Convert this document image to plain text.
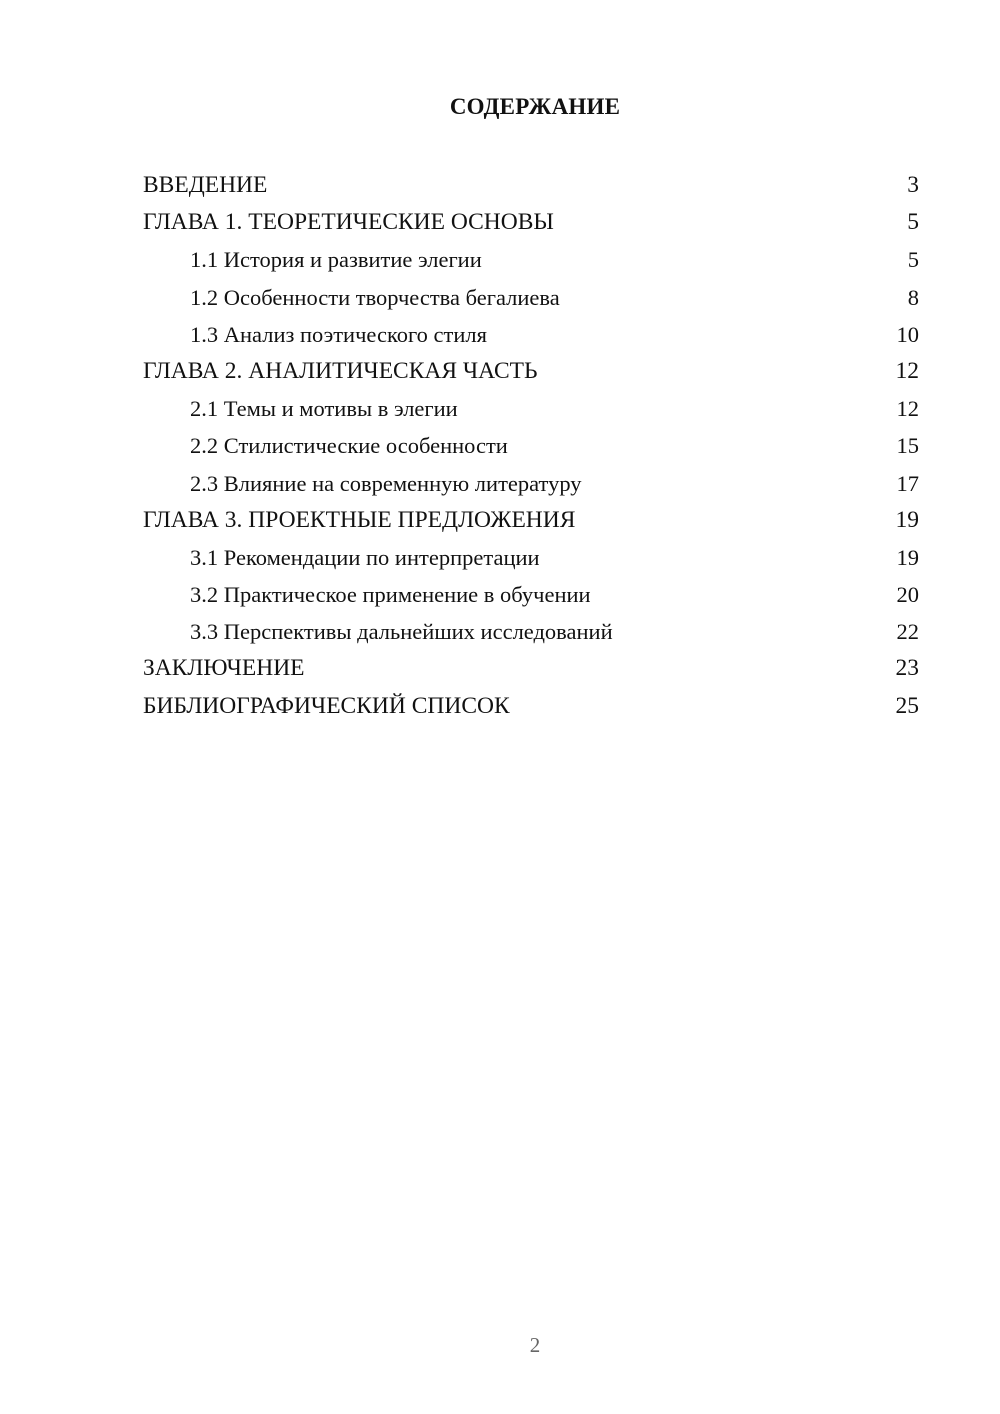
СОДЕРЖАНИЕ
ВВЕДЕНИЕ	3
ГЛАВА 1. ТЕОРЕТИЧЕСКИЕ ОСНОВЫ	5
1.1 История и развитие элегии	5
1.2 Особенности творчества бегалиева	8
1.3 Анализ поэтического стиля	10
ГЛАВА 2. АНАЛИТИЧЕСКАЯ ЧАСТЬ	12
2.1 Темы и мотивы в элегии	12
2.2 Стилистические особенности	15
2.3 Влияние на современную литературу	17
ГЛАВА 3. ПРОЕКТНЫЕ ПРЕДЛОЖЕНИЯ	19
3.1 Рекомендации по интерпретации	19
3.2 Практическое применение в обучении	20
3.3 Перспективы дальнейших исследований	22
ЗАКЛЮЧЕНИЕ	23
БИБЛИОГРАФИЧЕСКИЙ СПИСОК	25
2
